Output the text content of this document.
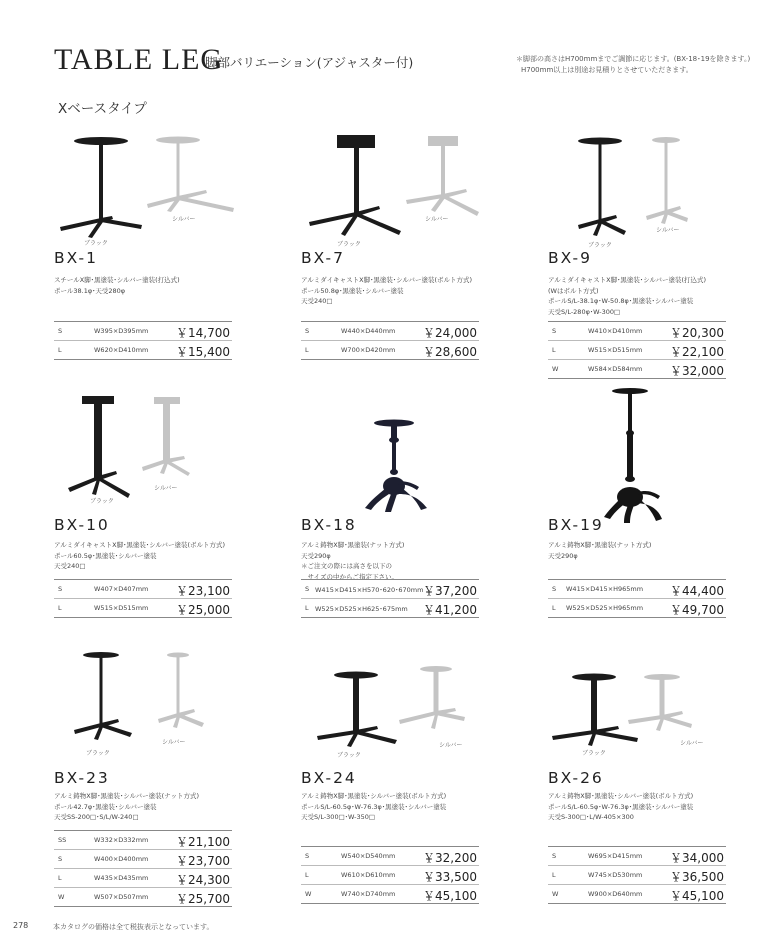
TABLE LEG
脚部バリエーション(アジャスター付)	＊脚部の高さはH700mmまでご調節に応じます。(BX-18･19を除きます。)
H700mm以上は別途お見積りとさせていただきます。
Xベースタイプ
ブラック
シルバー
BX-1
スチールX脚･黒塗装･シルバー塗装(打込式)
ポール38.1φ･天受280φ
S	W395×D395mm ￥14,700
L	W620×D410mm ￥15,400
ブラック
シルバー
BX-7
アルミダイキャストX脚･黒塗装･シルバー塗装(ボルト方式)
ポール50.8φ･黒塗装･シルバー塗装
天受240□
S	W440×D440mm ￥24,000
L	W700×D420mm ￥28,600
ブラック
シルバー
BX-9
アルミダイキャストX脚･黒塗装･シルバー塗装(打込式)
(Wはボルト方式)
ポールS/L-38.1φ･W-50.8φ･黒塗装･シルバー塗装
天受S/L-280φ･W-300□
S	W410×D410mm ￥20,300
L	W515×D515mm ￥22,100
W	W584×D584mm ￥32,000
ブラック
シルバー
BX-10
アルミダイキャストX脚･黒塗装･シルバー塗装(ボルト方式)
ポール60.5φ･黒塗装･シルバー塗装
天受240□
S	W407×D407mm ￥23,100
L	W515×D515mm ￥25,000
BX-18
アルミ鋳物X脚･黒塗装(ナット方式)
天受290φ
＊ご注文の際には高さを以下の
　サイズの中からご指定下さい。
S W415×D415×H570･620･670mm ￥37,200
L W525×D525×H625･675mm ￥41,200
BX-19
アルミ鋳物X脚･黒塗装(ナット方式)
天受290φ
S W415×D415×H965mm ￥44,400
L W525×D525×H965mm ￥49,700
ブラック
シルバー
BX-23
アルミ鋳物X脚･黒塗装･シルバー塗装(ナット方式)
ポール42.7φ･黒塗装･シルバー塗装
天受SS-200□･S/L/W-240□
SS	W332×D332mm ￥21,100
S	W400×D400mm ￥23,700
L	W435×D435mm ￥24,300
W	W507×D507mm ￥25,700
ブラック
シルバー
BX-24
アルミ鋳物X脚･黒塗装･シルバー塗装(ボルト方式)
ポールS/L-60.5φ･W-76.3φ･黒塗装･シルバー塗装
天受S/L-300□･W-350□
S	W540×D540mm ￥32,200
L	W610×D610mm ￥33,500
W	W740×D740mm ￥45,100
ブラック
シルバー
BX-26
アルミ鋳物X脚･黒塗装･シルバー塗装(ボルト方式)
ポールS/L-60.5φ･W-76.3φ･黒塗装･シルバー塗装
天受S-300□･L/W-405×300
S	W695×D415mm ￥34,000
L	W745×D530mm ￥36,500
W	W900×D640mm ￥45,100
278	本カタログの価格は全て税抜表示となっています。
